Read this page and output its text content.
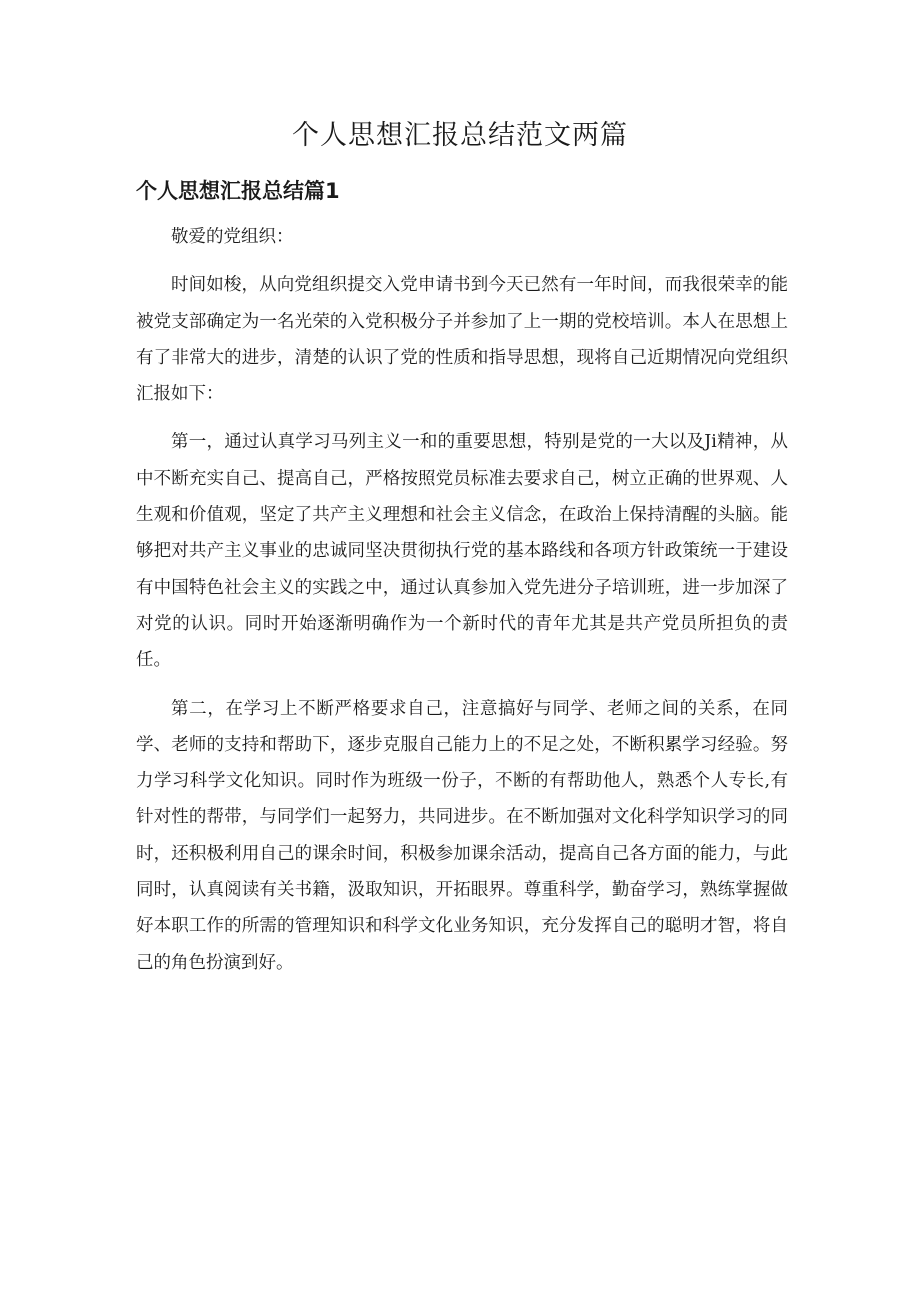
个人思想汇报总结范文两篇
个人思想汇报总结篇1

敬爱的党组织：

时间如梭，从向党组织提交入党申请书到今天已然有一年时间，而我很荣幸的能被党支部确定为一名光荣的入党积极分子并参加了上一期的党校培训。本人在思想上有了非常大的进步，清楚的认识了党的性质和指导思想，现将自己近期情况向党组织汇报如下：

第一，通过认真学习马列主义一和的重要思想，特别是党的一大以及Ji精神，从中不断充实自己、提高自己，严格按照党员标准去要求自己，树立正确的世界观、人生观和价值观，坚定了共产主义理想和社会主义信念，在政治上保持清醒的头脑。能够把对共产主义事业的忠诚同坚决贯彻执行党的基本路线和各项方针政策统一于建设有中国特色社会主义的实践之中，通过认真参加入党先进分子培训班，进一步加深了对党的认识。同时开始逐渐明确作为一个新时代的青年尤其是共产党员所担负的责任。

第二，在学习上不断严格要求自己，注意搞好与同学、老师之间的关系，在同学、老师的支持和帮助下，逐步克服自己能力上的不足之处，不断积累学习经验。努力学习科学文化知识。同时作为班级一份子，不断的有帮助他人，熟悉个人专长,有针对性的帮带，与同学们一起努力，共同进步。在不断加强对文化科学知识学习的同时，还积极利用自己的课余时间，积极参加课余活动，提高自己各方面的能力，与此同时，认真阅读有关书籍，汲取知识，开拓眼界。尊重科学，勤奋学习，熟练掌握做好本职工作的所需的管理知识和科学文化业务知识，充分发挥自己的聪明才智，将自己的角色扮演到好。
